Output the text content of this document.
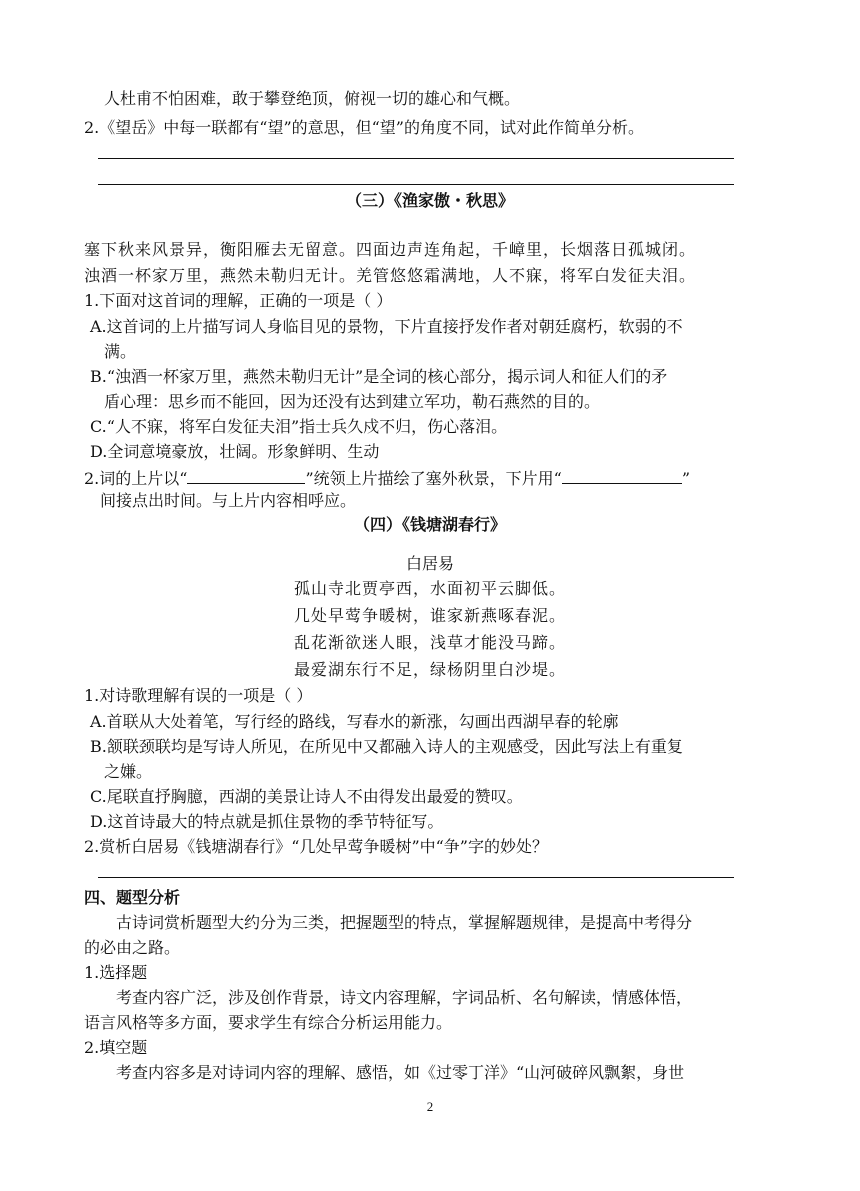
人杜甫不怕困难，敢于攀登绝顶，俯视一切的雄心和气概。
2.《望岳》中每一联都有“望”的意思，但“望”的角度不同，试对此作简单分析。
（三）《渔家傲・秋思》
塞下秋来风景异，衡阳雁去无留意。四面边声连角起，千嶂里，长烟落日孤城闭。
浊酒一杯家万里，燕然未勒归无计。羌管悠悠霜满地，人不寐，将军白发征夫泪。
1.下面对这首词的理解，正确的一项是（ ）
A.这首词的上片描写词人身临目见的景物，下片直接抒发作者对朝廷腐朽，软弱的不
满。
B.“浊酒一杯家万里，燕然未勒归无计”是全词的核心部分，揭示词人和征人们的矛
盾心理：思乡而不能回，因为还没有达到建立军功，勒石燕然的目的。
C.“人不寐，将军白发征夫泪”指士兵久戍不归，伤心落泪。
D.全词意境豪放，壮阔。形象鲜明、生动
2.词的上片以“	”统领上片描绘了塞外秋景，下片用“	”
间接点出时间。与上片内容相呼应。
（四）《钱塘湖春行》
白居易
孤山寺北贾亭西，水面初平云脚低。
几处早莺争暖树，谁家新燕啄春泥。
乱花渐欲迷人眼，浅草才能没马蹄。
最爱湖东行不足，绿杨阴里白沙堤。
1.对诗歌理解有误的一项是（ ）
A.首联从大处着笔，写行经的路线，写春水的新涨，勾画出西湖早春的轮廓
B.颔联颈联均是写诗人所见，在所见中又都融入诗人的主观感受，因此写法上有重复
之嫌。
C.尾联直抒胸臆，西湖的美景让诗人不由得发出最爱的赞叹。
D.这首诗最大的特点就是抓住景物的季节特征写。
2.赏析白居易《钱塘湖春行》“几处早莺争暖树”中“争”字的妙处？
四、题型分析
古诗词赏析题型大约分为三类，把握题型的特点，掌握解题规律，是提高中考得分
的必由之路。
1.选择题
考查内容广泛，涉及创作背景，诗文内容理解，字词品析、名句解读，情感体悟，
语言风格等多方面，要求学生有综合分析运用能力。
2.填空题
考查内容多是对诗词内容的理解、感悟，如《过零丁洋》“山河破碎风飘絮，身世
2
